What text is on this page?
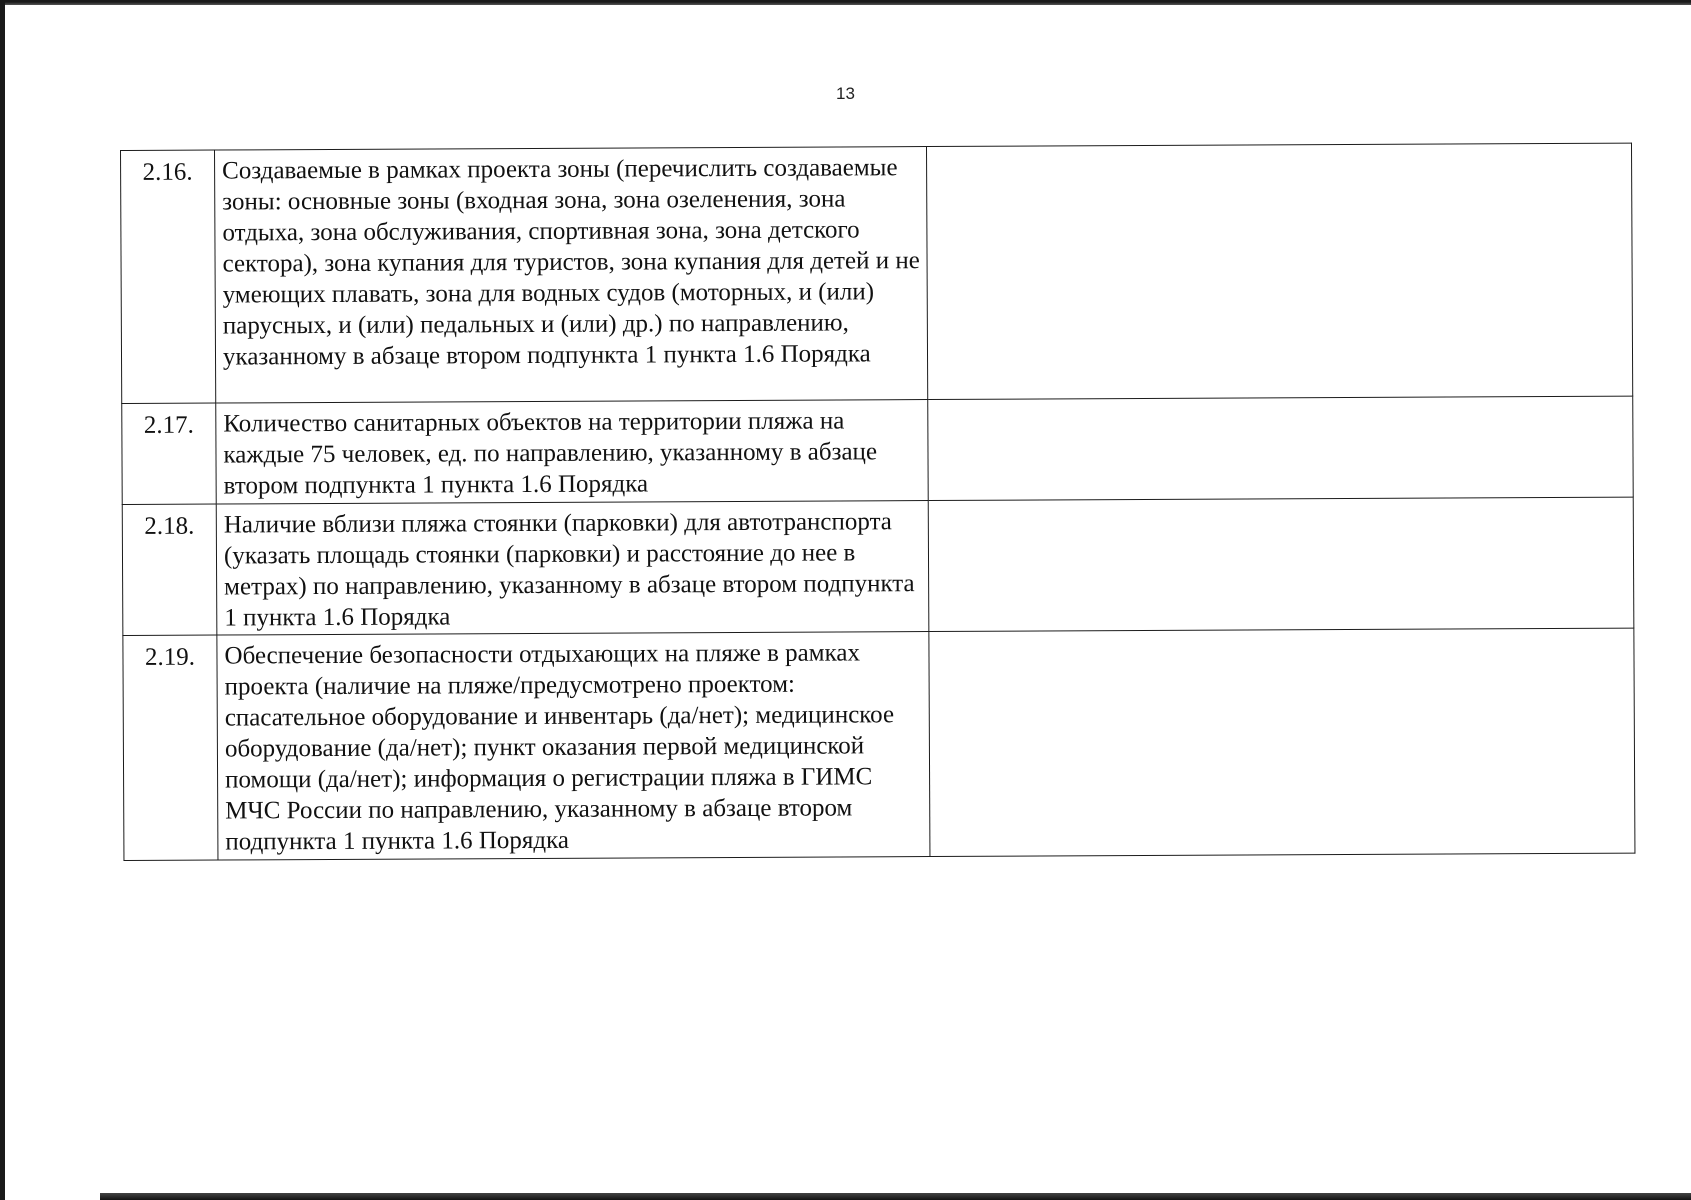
13
2.16.	Создаваемые в рамках проекта зоны (перечислить создаваемые зоны: основные зоны (входная зона, зона озеленения, зона отдыха, зона обслуживания, спортивная зона, зона детского сектора), зона купания для туристов, зона купания для детей и не умеющих плавать, зона для водных судов (моторных, и (или) парусных, и (или) педальных и (или) др.) по направлению, указанному в абзаце втором подпункта 1 пункта 1.6 Порядка	
2.17.	Количество санитарных объектов на территории пляжа на каждые 75 человек, ед. по направлению, указанному в абзаце втором подпункта 1 пункта 1.6 Порядка	
2.18.	Наличие вблизи пляжа стоянки (парковки) для автотранспорта (указать площадь стоянки (парковки) и расстояние до нее в метрах) по направлению, указанному в абзаце втором подпункта 1 пункта 1.6 Порядка	
2.19.	Обеспечение безопасности отдыхающих на пляже в рамках проекта (наличие на пляже/предусмотрено проектом: спасательное оборудование и инвентарь (да/нет); медицинское оборудование (да/нет); пункт оказания первой медицинской помощи (да/нет); информация о регистрации пляжа в ГИМС МЧС России по направлению, указанному в абзаце втором подпункта 1 пункта 1.6 Порядка	
